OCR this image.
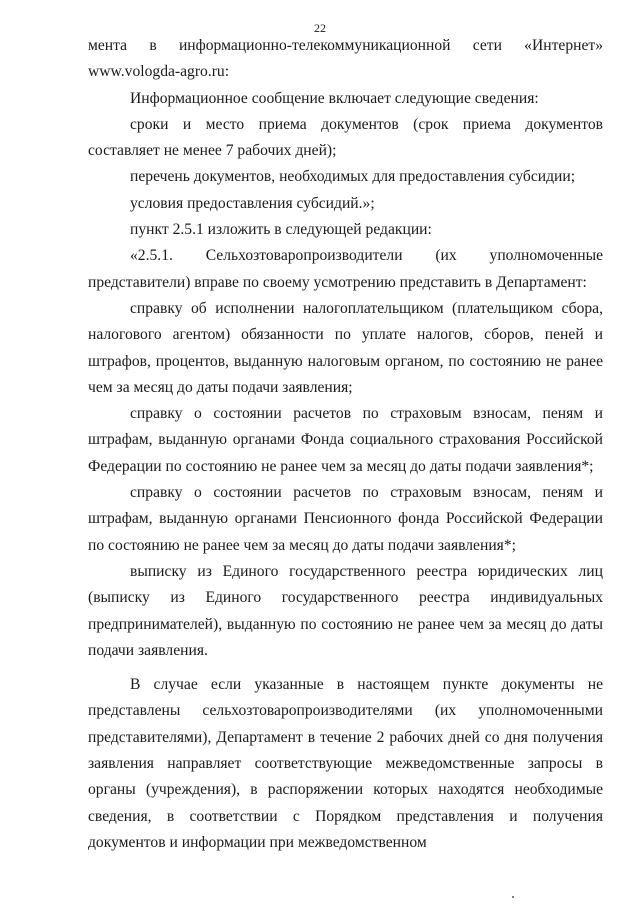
22

мента в информационно-телекоммуникационной сети «Интернет» www.vologda-agro.ru:

Информационное сообщение включает следующие сведения:

сроки и место приема документов (срок приема документов составляет не менее 7 рабочих дней);

перечень документов, необходимых для предоставления субсидии;

условия предоставления субсидий.»;

пункт 2.5.1 изложить в следующей редакции:

«2.5.1. Сельхозтоваропроизводители (их уполномоченные представители) вправе по своему усмотрению представить в Департамент:

справку об исполнении налогоплательщиком (плательщиком сбора, налогового агентом) обязанности по уплате налогов, сборов, пеней и штрафов, процентов, выданную налоговым органом, по состоянию не ранее чем за месяц до даты подачи заявления;

справку о состоянии расчетов по страховым взносам, пеням и штрафам, выданную органами Фонда социального страхования Российской Федерации по состоянию не ранее чем за месяц до даты подачи заявления*;

справку о состоянии расчетов по страховым взносам, пеням и штрафам, выданную органами Пенсионного фонда Российской Федерации по состоянию не ранее чем за месяц до даты подачи заявления*;

выписку из Единого государственного реестра юридических лиц (выписку из Единого государственного реестра индивидуальных предпринимателей), выданную по состоянию не ранее чем за месяц до даты подачи заявления.

В случае если указанные в настоящем пункте документы не представлены сельхозтоваропроизводителями (их уполномоченными представителями), Департамент в течение 2 рабочих дней со дня получения заявления направляет соответствующие межведомственные запросы в органы (учреждения), в распоряжении которых находятся необходимые сведения, в соответствии с Порядком представления и получения документов и информации при межведомственном
